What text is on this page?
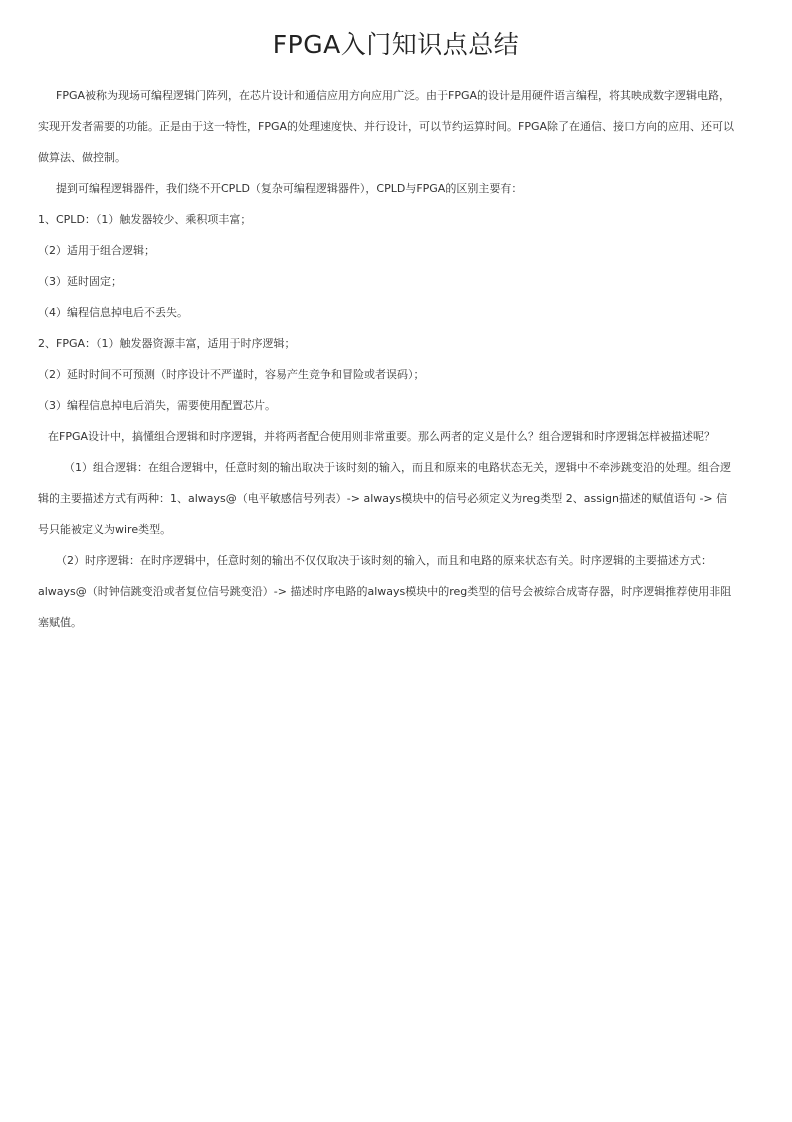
FPGA入门知识点总结

FPGA被称为现场可编程逻辑门阵列，在芯片设计和通信应用方向应用广泛。由于FPGA的设计是用硬件语言编程，将其映成数字逻辑电路，实现开发者需要的功能。正是由于这一特性，FPGA的处理速度快、并行设计，可以节约运算时间。FPGA除了在通信、接口方向的应用、还可以做算法、做控制。

提到可编程逻辑器件，我们绕不开CPLD（复杂可编程逻辑器件），CPLD与FPGA的区别主要有：

1、CPLD：（1）触发器较少、乘积项丰富；

（2）适用于组合逻辑；

（3）延时固定；

（4）编程信息掉电后不丢失。

2、FPGA：（1）触发器资源丰富，适用于时序逻辑；

（2）延时时间不可预测（时序设计不严谨时，容易产生竞争和冒险或者误码）；

（3）编程信息掉电后消失，需要使用配置芯片。

在FPGA设计中，搞懂组合逻辑和时序逻辑，并将两者配合使用则非常重要。那么两者的定义是什么？组合逻辑和时序逻辑怎样被描述呢？

（1）组合逻辑：在组合逻辑中，任意时刻的输出取决于该时刻的输入，而且和原来的电路状态无关，逻辑中不牵涉跳变沿的处理。组合逻辑的主要描述方式有两种：1、always@（电平敏感信号列表）-> always模块中的信号必须定义为reg类型 2、assign描述的赋值语句 -> 信号只能被定义为wire类型。

（2）时序逻辑：在时序逻辑中，任意时刻的输出不仅仅取决于该时刻的输入，而且和电路的原来状态有关。时序逻辑的主要描述方式：always@（时钟信跳变沿或者复位信号跳变沿）-> 描述时序电路的always模块中的reg类型的信号会被综合成寄存器，时序逻辑推荐使用非阻塞赋值。
